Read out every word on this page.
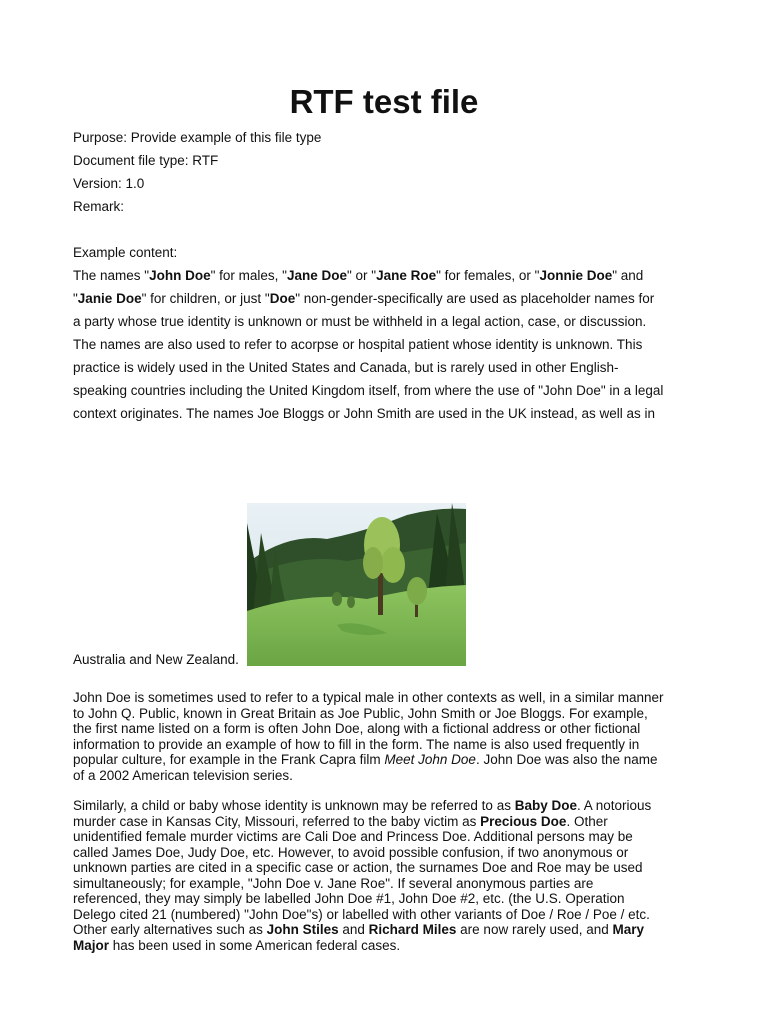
RTF test file
Purpose: Provide example of this file type
Document file type: RTF
Version: 1.0
Remark:
Example content:
The names "John Doe" for males, "Jane Doe" or "Jane Roe" for females, or "Jonnie Doe" and
"Janie Doe" for children, or just "Doe" non-gender-specifically are used as placeholder names for
a party whose true identity is unknown or must be withheld in a legal action, case, or discussion.
The names are also used to refer to acorpse or hospital patient whose identity is unknown. This
practice is widely used in the United States and Canada, but is rarely used in other English-
speaking countries including the United Kingdom itself, from where the use of "John Doe" in a legal
context originates. The names Joe Bloggs or John Smith are used in the UK instead, as well as in
Australia and New Zealand.
John Doe is sometimes used to refer to a typical male in other contexts as well, in a similar manner
to John Q. Public, known in Great Britain as Joe Public, John Smith or Joe Bloggs. For example,
the first name listed on a form is often John Doe, along with a fictional address or other fictional
information to provide an example of how to fill in the form. The name is also used frequently in
popular culture, for example in the Frank Capra film Meet John Doe. John Doe was also the name
of a 2002 American television series.
Similarly, a child or baby whose identity is unknown may be referred to as Baby Doe. A notorious
murder case in Kansas City, Missouri, referred to the baby victim as Precious Doe. Other
unidentified female murder victims are Cali Doe and Princess Doe. Additional persons may be
called James Doe, Judy Doe, etc. However, to avoid possible confusion, if two anonymous or
unknown parties are cited in a specific case or action, the surnames Doe and Roe may be used
simultaneously; for example, "John Doe v. Jane Roe". If several anonymous parties are
referenced, they may simply be labelled John Doe #1, John Doe #2, etc. (the U.S. Operation
Delego cited 21 (numbered) "John Doe"s) or labelled with other variants of Doe / Roe / Poe / etc.
Other early alternatives such as John Stiles and Richard Miles are now rarely used, and Mary
Major has been used in some American federal cases.
